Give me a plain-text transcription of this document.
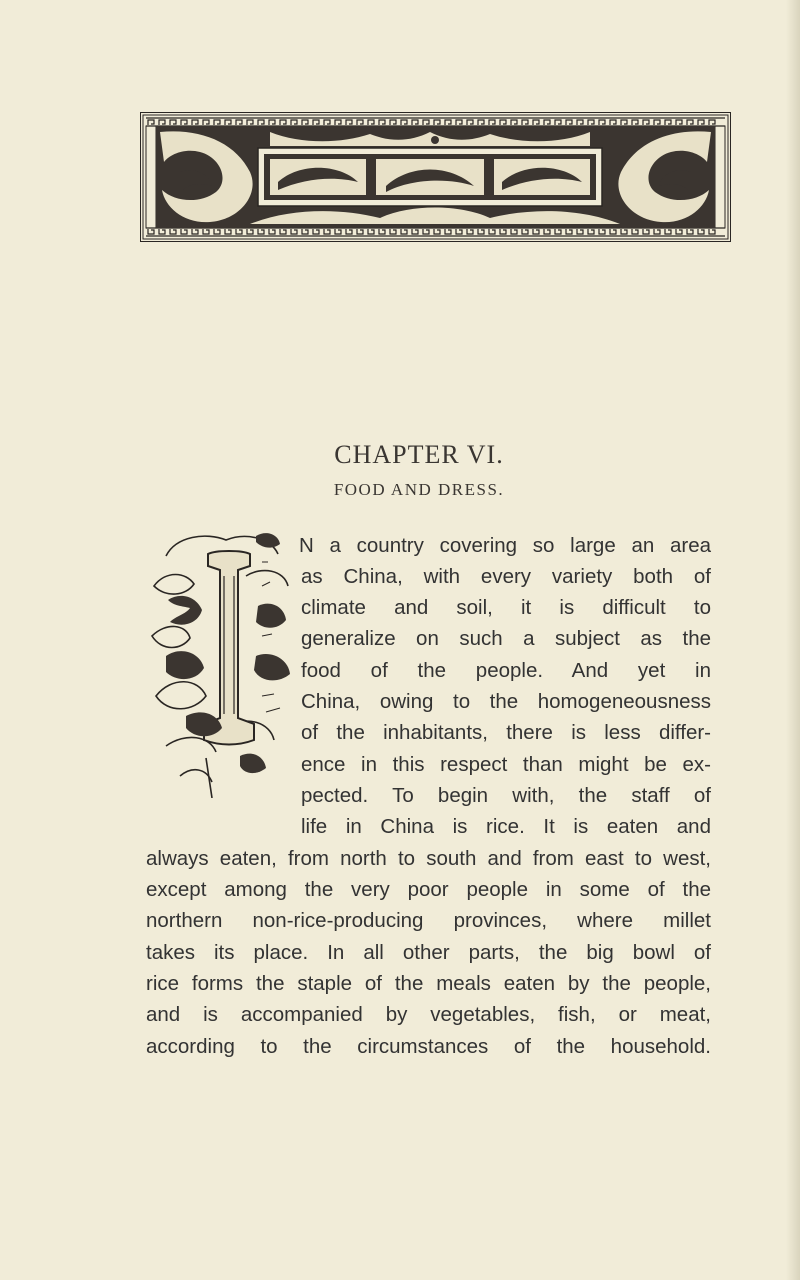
CHAPTER VI.
FOOD AND DRESS.
N a country covering so large an area
as China, with every variety both of
climate and soil, it is difficult to
generalize on such a subject as the
food of the people. And yet in
China, owing to the homogeneousness
of the inhabitants, there is less differ-
ence in this respect than might be ex-
pected. To begin with, the staff of
life in China is rice. It is eaten and
always eaten, from north to south and from east to west,
except among the very poor people in some of the
northern non-rice-producing provinces, where millet
takes its place. In all other parts, the big bowl of
rice forms the staple of the meals eaten by the people,
and is accompanied by vegetables, fish, or meat,
according to the circumstances of the household.
